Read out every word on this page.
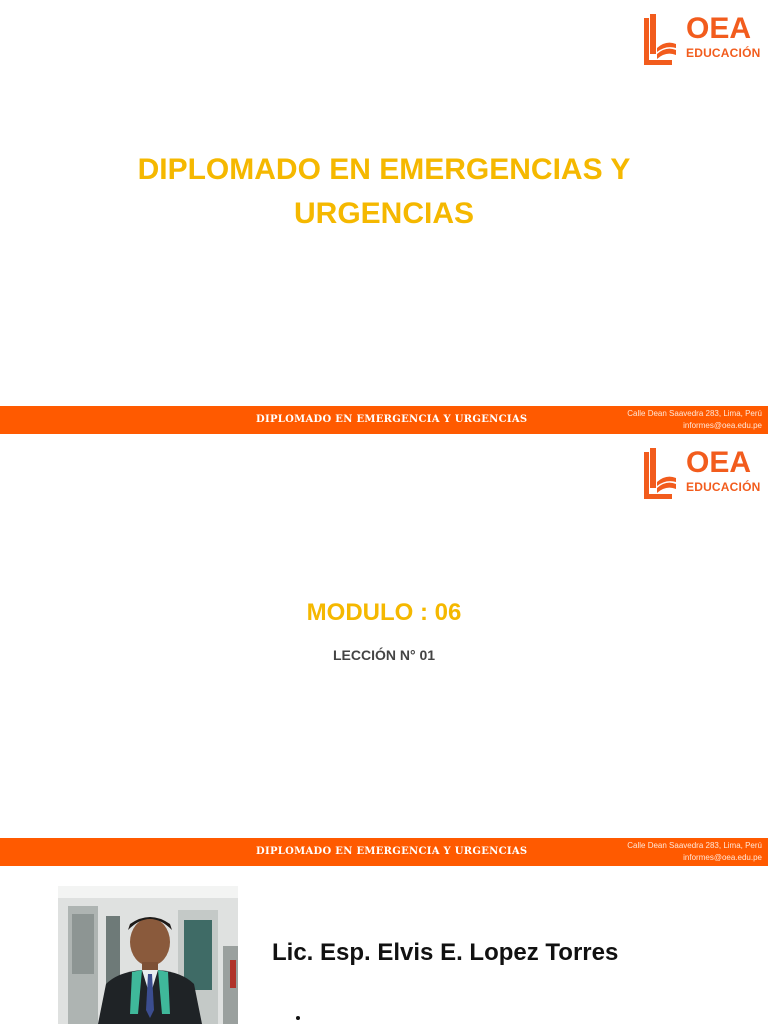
OEA
EDUCACIÓN
DIPLOMADO EN EMERGENCIAS Y URGENCIAS
DIPLOMADO EN EMERGENCIA Y URGENCIAS
Calle Dean Saavedra 283, Lima, Perú
informes@oea.edu.pe
OEA
EDUCACIÓN
MODULO : 06

LECCIÓN N° 01

DIPLOMADO EN EMERGENCIA Y URGENCIAS
Calle Dean Saavedra 283, Lima, Perú
informes@oea.edu.pe
Lic. Esp. Elvis E. Lopez Torres
